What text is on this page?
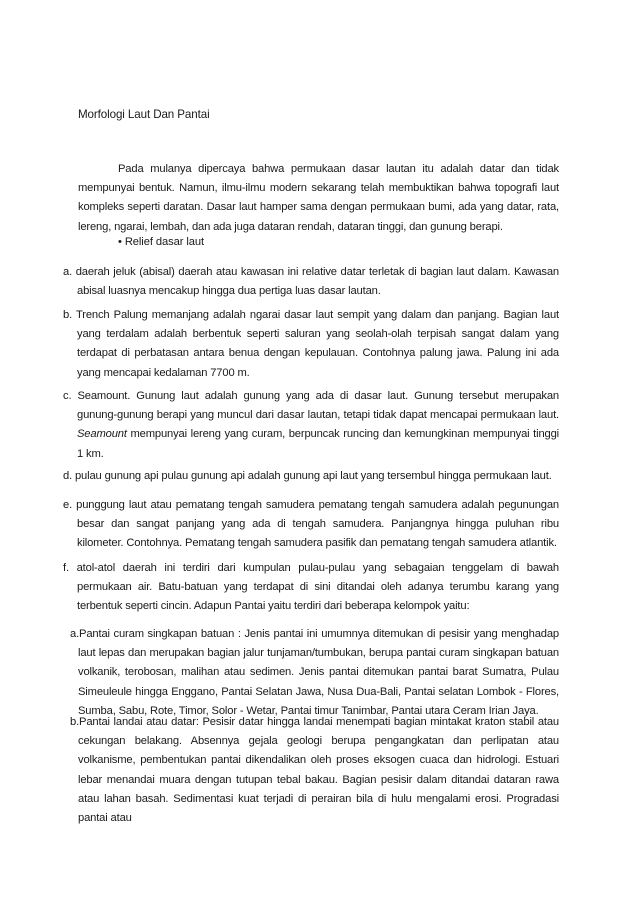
Morfologi Laut Dan Pantai

Pada mulanya dipercaya bahwa permukaan dasar lautan itu adalah datar dan tidak mempunyai bentuk. Namun, ilmu-ilmu modern sekarang telah membuktikan bahwa topografi laut kompleks seperti daratan. Dasar laut hamper sama dengan permukaan bumi, ada yang datar, rata, lereng, ngarai, lembah, dan ada juga dataran rendah, dataran tinggi, dan gunung berapi.

• Relief dasar laut

a. daerah jeluk (abisal) daerah atau kawasan ini relative datar terletak di bagian laut dalam. Kawasan abisal luasnya mencakup hingga dua pertiga luas dasar lautan.

b. Trench Palung memanjang adalah ngarai dasar laut sempit yang dalam dan panjang. Bagian laut yang terdalam adalah berbentuk seperti saluran yang seolah-olah terpisah sangat dalam yang terdapat di perbatasan antara benua dengan kepulauan. Contohnya palung jawa. Palung ini ada yang mencapai kedalaman 7700 m.

c. Seamount. Gunung laut adalah gunung yang ada di dasar laut. Gunung tersebut merupakan gunung-gunung berapi yang muncul dari dasar lautan, tetapi tidak dapat mencapai permukaan laut. Seamount mempunyai lereng yang curam, berpuncak runcing dan kemungkinan mempunyai tinggi 1 km.

d. pulau gunung api pulau gunung api adalah gunung api laut yang tersembul hingga permukaan laut.

e. punggung laut atau pematang tengah samudera pematang tengah samudera adalah pegunungan besar dan sangat panjang yang ada di tengah samudera. Panjangnya hingga puluhan ribu kilometer. Contohnya. Pematang tengah samudera pasifik dan pematang tengah samudera atlantik.

f. atol-atol daerah ini terdiri dari kumpulan pulau-pulau yang sebagaian tenggelam di bawah permukaan air. Batu-batuan yang terdapat di sini ditandai oleh adanya terumbu karang yang terbentuk seperti cincin. Adapun Pantai yaitu terdiri dari beberapa kelompok yaitu:

a.Pantai curam singkapan batuan : Jenis pantai ini umumnya ditemukan di pesisir yang menghadap laut lepas dan merupakan bagian jalur tunjaman/tumbukan, berupa pantai curam singkapan batuan volkanik, terobosan, malihan atau sedimen. Jenis pantai ditemukan pantai barat Sumatra, Pulau Simeuleule hingga Enggano, Pantai Selatan Jawa, Nusa Dua-Bali, Pantai selatan Lombok - Flores, Sumba, Sabu, Rote, Timor, Solor - Wetar, Pantai timur Tanimbar, Pantai utara Ceram Irian Jaya.

b.Pantai landai atau datar: Pesisir datar hingga landai menempati bagian mintakat kraton stabil atau cekungan belakang. Absennya gejala geologi berupa pengangkatan dan perlipatan atau volkanisme, pembentukan pantai dikendalikan oleh proses eksogen cuaca dan hidrologi. Estuari lebar menandai muara dengan tutupan tebal bakau. Bagian pesisir dalam ditandai dataran rawa atau lahan basah. Sedimentasi kuat terjadi di perairan bila di hulu mengalami erosi. Progradasi pantai atau
